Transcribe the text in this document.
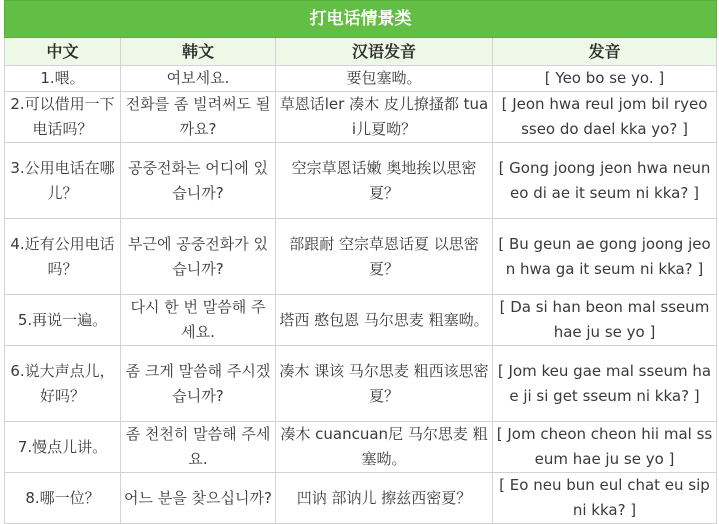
打电话情景类			
中文	韩文	汉语发音	发音
1.喂。	여보세요.	要包塞呦。	[ Yeo bo se yo. ]
2.可以借用一下电话吗？	전화를 좀 빌려써도 될까요?	草恩话ler 凑木 皮儿撩搔都 tuai儿夏呦？	[ Jeon hwa reul jom bil ryeo sseo do dael kka yo? ]
3.公用电话在哪儿？	공중전화는 어디에 있습니까?	空宗草恩话嫩 奥地挨以思密夏？	[ Gong joong jeon hwa neun eo di ae it seum ni kka? ]
4.近有公用电话吗？	부근에 공중전화가 있습니까?	部跟耐 空宗草恩话夏 以思密夏？	[ Bu geun ae gong joong jeon hwa ga it seum ni kka? ]
5.再说一遍。	다시 한 번 말씀해 주세요.	塔西 憨包恩 马尔思麦 粗塞呦。	[ Da si han beon mal sseum hae ju se yo ]
6.说大声点儿，好吗？	좀 크게 말씀해 주시겠습니까?	凑木 课该 马尔思麦 粗西该思密夏？	[ Jom keu gae mal sseum hae ji si get sseum ni kka? ]
7.慢点儿讲。	좀 천천히 말씀해 주세요.	凑木 cuancuan尼 马尔思麦 粗塞呦。	[ Jom cheon cheon hii mal sseum hae ju se yo ]
8.哪一位？	어느 분을 찾으십니까?	凹讷 部讷儿 擦兹西密夏？	[ Eo neu bun eul chat eu sip ni kka? ]
